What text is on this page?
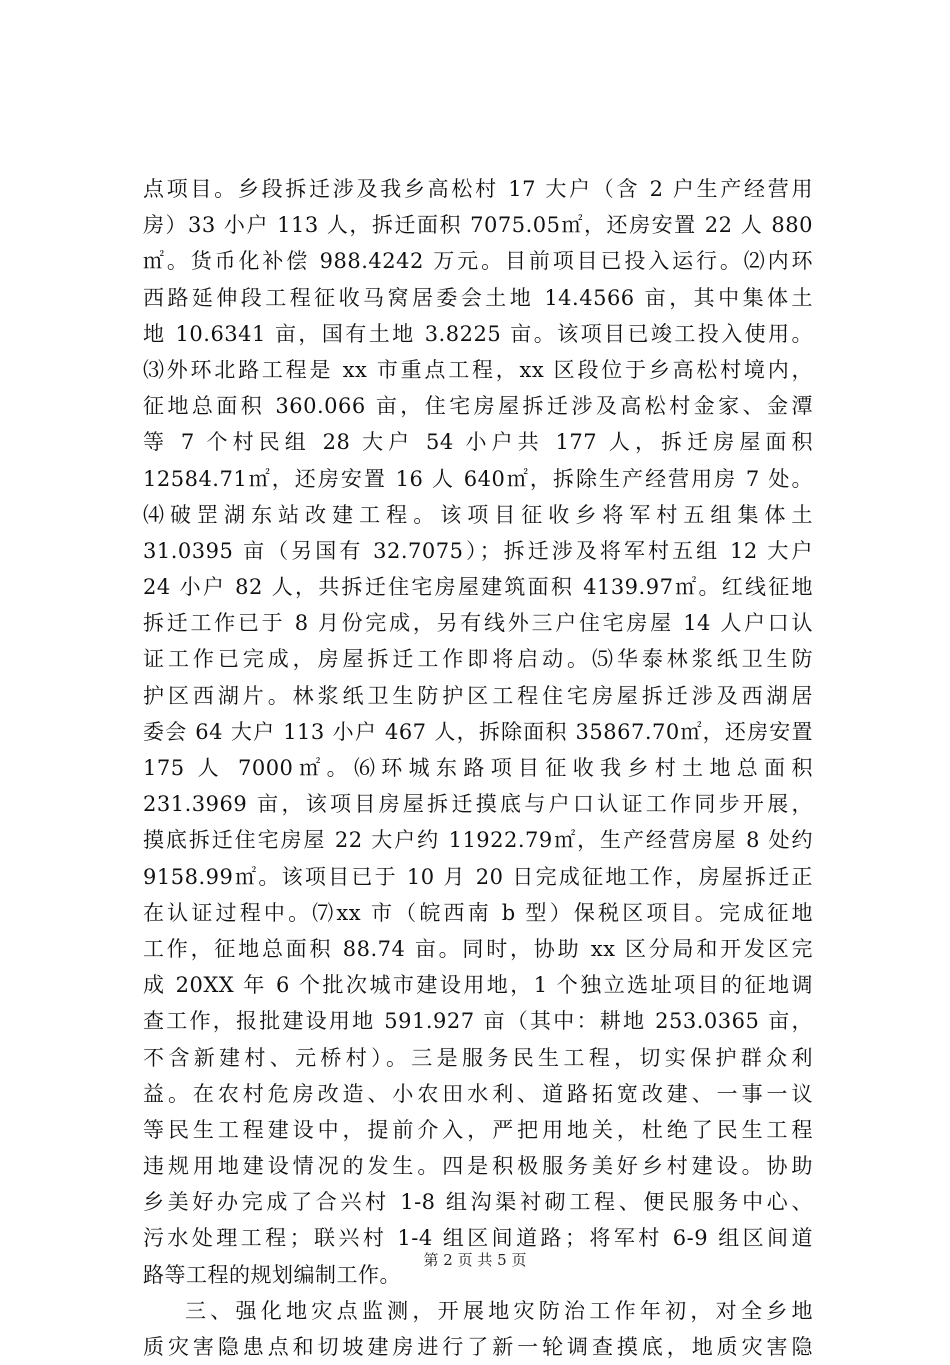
点项目。乡段拆迁涉及我乡高松村 17 大户（含 2 户生产经营用
房）33 小户 113 人，拆迁面积 7075.05㎡，还房安置 22 人 880
㎡。货币化补偿 988.4242 万元。目前项目已投入运行。⑵内环
西路延伸段工程征收马窝居委会土地 14.4566 亩，其中集体土
地 10.6341 亩，国有土地 3.8225 亩。该项目已竣工投入使用。
⑶外环北路工程是 xx 市重点工程，xx 区段位于乡高松村境内，
征地总面积 360.066 亩，住宅房屋拆迁涉及高松村金家、金潭
等 7 个村民组 28 大户 54 小户共 177 人，拆迁房屋面积
12584.71㎡，还房安置 16 人 640㎡，拆除生产经营用房 7 处。
⑷破罡湖东站改建工程。该项目征收乡将军村五组集体土
31.0395 亩（另国有 32.7075）；拆迁涉及将军村五组 12 大户
24 小户 82 人，共拆迁住宅房屋建筑面积 4139.97㎡。红线征地
拆迁工作已于 8 月份完成，另有线外三户住宅房屋 14 人户口认
证工作已完成，房屋拆迁工作即将启动。⑸华泰林浆纸卫生防
护区西湖片。林浆纸卫生防护区工程住宅房屋拆迁涉及西湖居
委会 64 大户 113 小户 467 人，拆除面积 35867.70㎡，还房安置
175 人 7000㎡。⑹环城东路项目征收我乡村土地总面积
231.3969 亩，该项目房屋拆迁摸底与户口认证工作同步开展，
摸底拆迁住宅房屋 22 大户约 11922.79㎡，生产经营房屋 8 处约
9158.99㎡。该项目已于 10 月 20 日完成征地工作，房屋拆迁正
在认证过程中。⑺xx 市（皖西南 b 型）保税区项目。完成征地
工作，征地总面积 88.74 亩。同时，协助 xx 区分局和开发区完
成 20XX 年 6 个批次城市建设用地，1 个独立选址项目的征地调
查工作，报批建设用地 591.927 亩（其中：耕地 253.0365 亩，
不含新建村、元桥村）。三是服务民生工程，切实保护群众利
益。在农村危房改造、小农田水利、道路拓宽改建、一事一议
等民生工程建设中，提前介入，严把用地关，杜绝了民生工程
违规用地建设情况的发生。四是积极服务美好乡村建设。协助
乡美好办完成了合兴村 1-8 组沟渠衬砌工程、便民服务中心、
污水处理工程；联兴村 1-4 组区间道路；将军村 6-9 组区间道
路等工程的规划编制工作。
三、强化地灾点监测，开展地灾防治工作年初，对全乡地
质灾害隐患点和切坡建房进行了新一轮调查摸底，地质灾害隐
第 2 页 共 5 页
